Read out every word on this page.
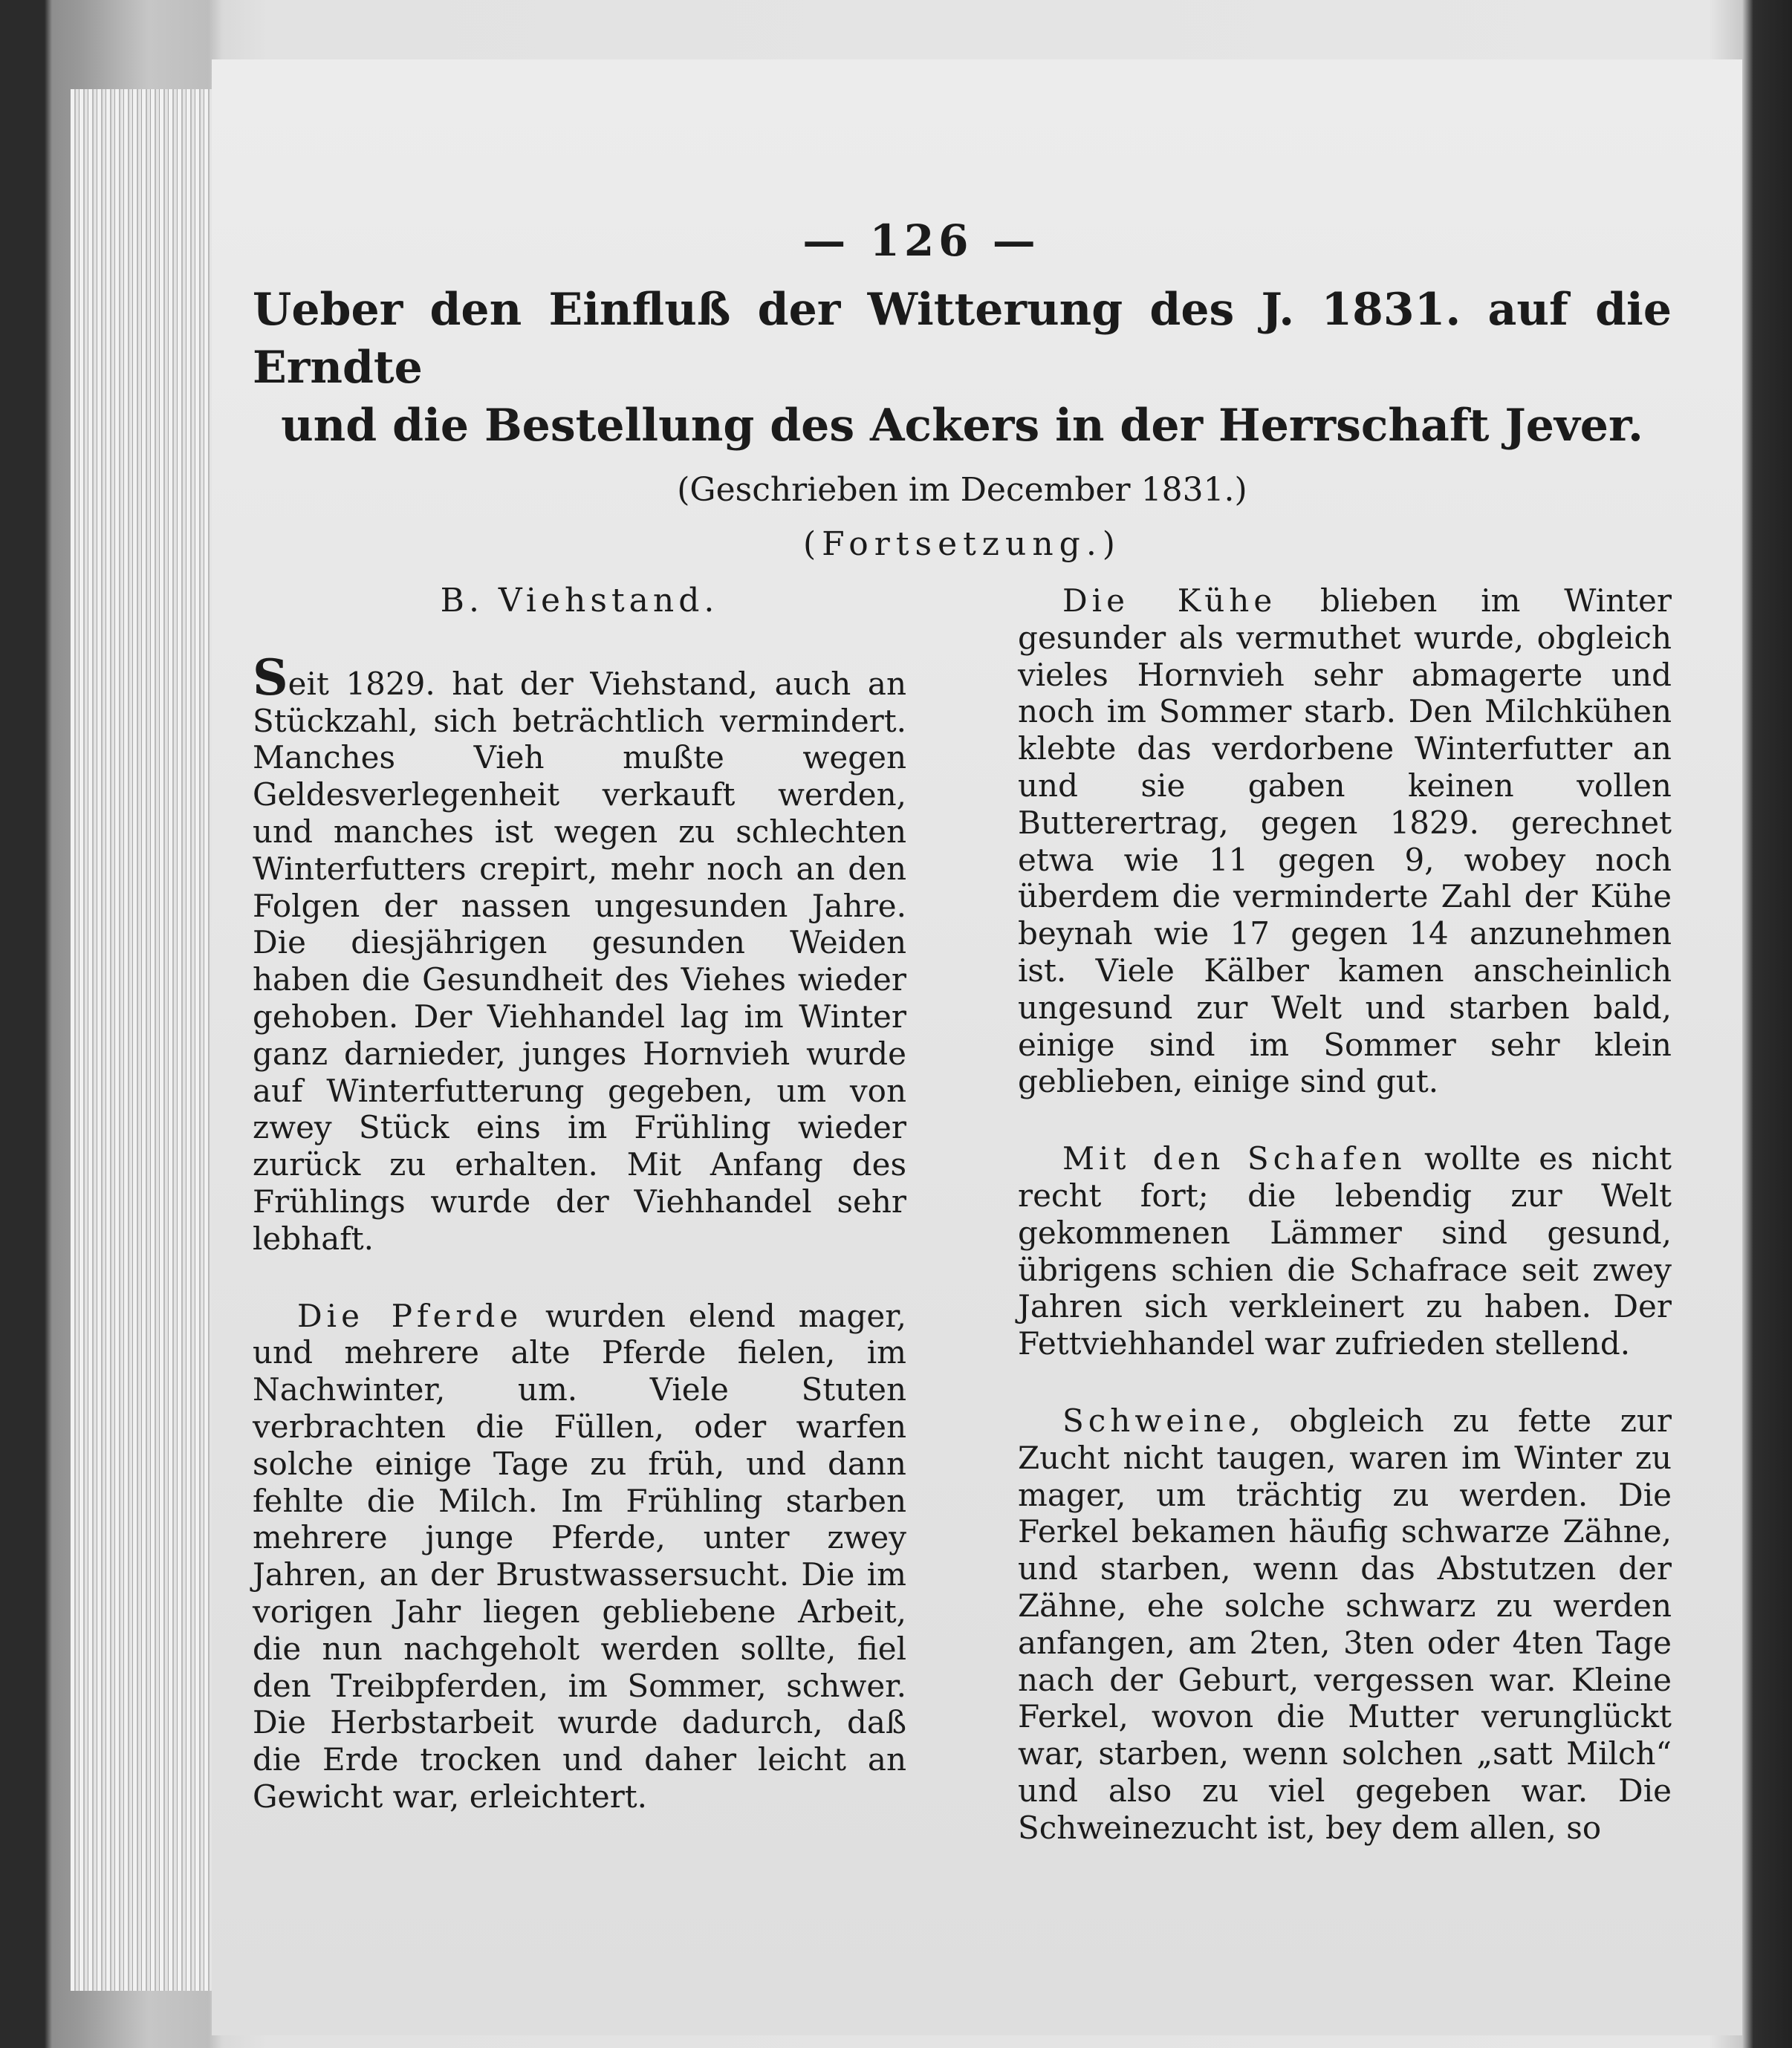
— 126 —
Ueber den Einfluß der Witterung des J. 1831. auf die Erndte
und die Bestellung des Ackers in der Herrschaft Jever.
(Geschrieben im December 1831.)
(Fortsetzung.)
B. Viehstand.

Seit 1829. hat der Viehstand, auch an Stückzahl, sich beträchtlich vermindert. Manches Vieh mußte wegen Geldesverlegenheit verkauft werden, und manches ist wegen zu schlechten Winterfutters crepirt, mehr noch an den Folgen der nassen ungesunden Jahre. Die diesjährigen gesunden Weiden haben die Gesundheit des Viehes wieder gehoben. Der Viehhandel lag im Winter ganz darnieder, junges Hornvieh wurde auf Winterfutterung gegeben, um von zwey Stück eins im Frühling wieder zurück zu erhalten. Mit Anfang des Frühlings wurde der Viehhandel sehr lebhaft.

Die Pferde wurden elend mager, und mehrere alte Pferde fielen, im Nachwinter, um. Viele Stuten verbrachten die Füllen, oder warfen solche einige Tage zu früh, und dann fehlte die Milch. Im Frühling starben mehrere junge Pferde, unter zwey Jahren, an der Brustwassersucht. Die im vorigen Jahr liegen gebliebene Arbeit, die nun nachgeholt werden sollte, fiel den Treibpferden, im Sommer, schwer. Die Herbstarbeit wurde dadurch, daß die Erde trocken und daher leicht an Gewicht war, erleichtert.

Die Kühe blieben im Winter gesunder als vermuthet wurde, obgleich vieles Hornvieh sehr abmagerte und noch im Sommer starb. Den Milchkühen klebte das verdorbene Winterfutter an und sie gaben keinen vollen Butterertrag, gegen 1829. gerechnet etwa wie 11 gegen 9, wobey noch überdem die verminderte Zahl der Kühe beynah wie 17 gegen 14 anzunehmen ist. Viele Kälber kamen anscheinlich ungesund zur Welt und starben bald, einige sind im Sommer sehr klein geblieben, einige sind gut.

Mit den Schafen wollte es nicht recht fort; die lebendig zur Welt gekommenen Lämmer sind gesund, übrigens schien die Schafrace seit zwey Jahren sich verkleinert zu haben. Der Fettviehhandel war zufrieden stellend.

Schweine, obgleich zu fette zur Zucht nicht taugen, waren im Winter zu mager, um trächtig zu werden. Die Ferkel bekamen häufig schwarze Zähne, und starben, wenn das Abstutzen der Zähne, ehe solche schwarz zu werden anfangen, am 2ten, 3ten oder 4ten Tage nach der Geburt, vergessen war. Kleine Ferkel, wovon die Mutter verunglückt war, starben, wenn solchen „satt Milch“ und also zu viel gegeben war. Die Schweinezucht ist, bey dem allen, so
